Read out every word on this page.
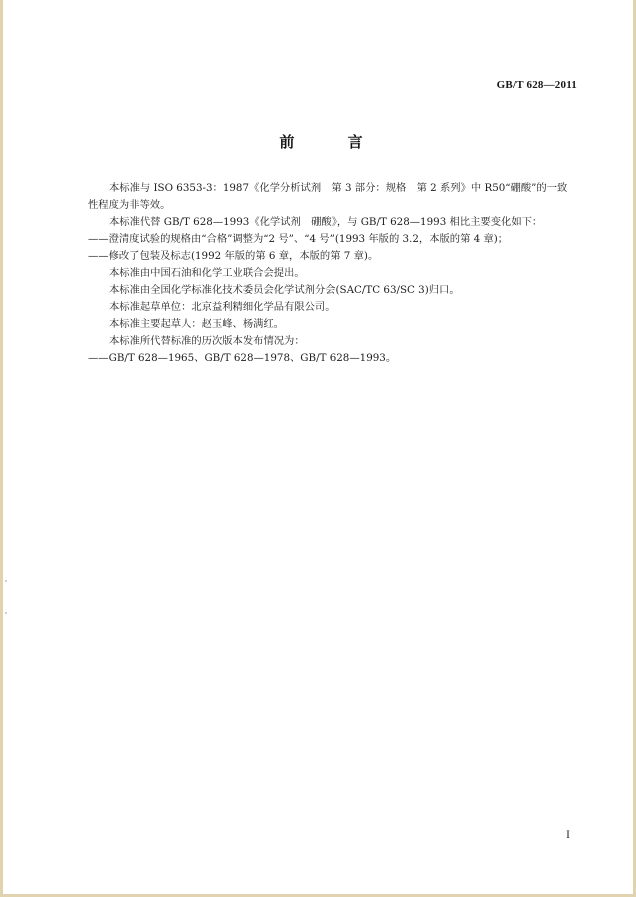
GB/T 628—2011
前 言

本标准与 ISO 6353-3：1987《化学分析试剂　第 3 部分：规格　第 2 系列》中 R50“硼酸”的一致性程度为非等效。

本标准代替 GB/T 628—1993《化学试剂　硼酸》，与 GB/T 628—1993 相比主要变化如下：

——澄清度试验的规格由“合格”调整为“2 号”、“4 号”(1993 年版的 3.2，本版的第 4 章)；

——修改了包装及标志(1992 年版的第 6 章，本版的第 7 章)。

本标准由中国石油和化学工业联合会提出。

本标准由全国化学标准化技术委员会化学试剂分会(SAC/TC 63/SC 3)归口。

本标准起草单位：北京益利精细化学品有限公司。

本标准主要起草人：赵玉峰、杨满红。

本标准所代替标准的历次版本发布情况为：

——GB/T 628—1965、GB/T 628—1978、GB/T 628—1993。

I
